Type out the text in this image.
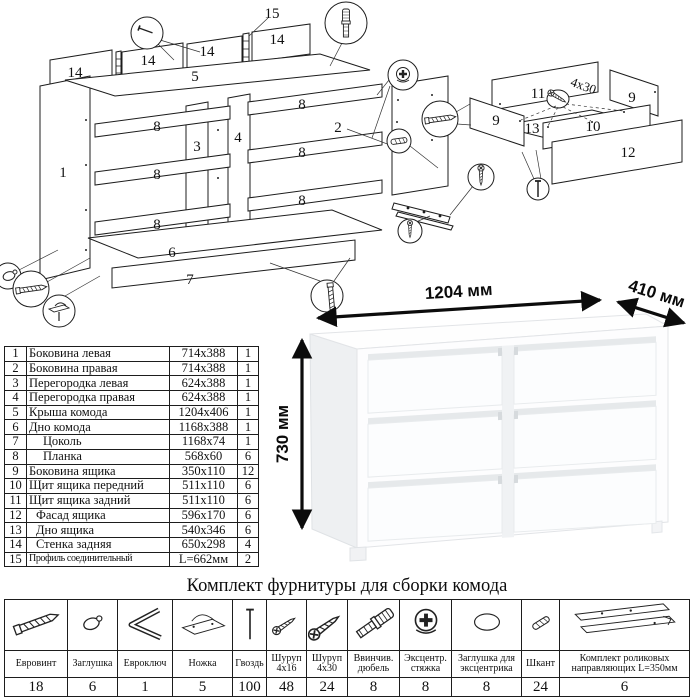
15
14
14
14
14
5
1
3
4
2
8
8
8
8
8
8
6
7
11
9
9
10
13
12
4x30
1204 мм	410 мм
730 мм
1	Боковина левая	714x388	1
2	Боковина правая	714x388	1
3	Перегородка левая	624x388	1
4	Перегородка правая	624x388	1
5	Крыша комода	1204x406	1
6	Дно комода	1168x388	1
7	Цоколь	1168x74	1
8	Планка	568x60	6
9	Боковина ящика	350x110	12
10	Щит ящика передний	511x110	6
11	Щит ящика задний	511x110	6
12	Фасад ящика	596x170	6
13	Дно ящика	540x346	6
14	Стенка задняя	650x298	4
15	Профиль соединительный	L=662мм	2
Комплект фурнитуры для сборки комода

Евровинт	Заглушка	Евроключ	Ножка	Гвоздь	Шуруп 4x16	Шуруп 4x30	Ввинчив. дюбель	Эксцентр. стяжка	Заглушка для эксцентрика	Шкант	Комплект роликовых направляющих L=350мм
18	6	1	5	100	48	24	8	8	8	24	6
